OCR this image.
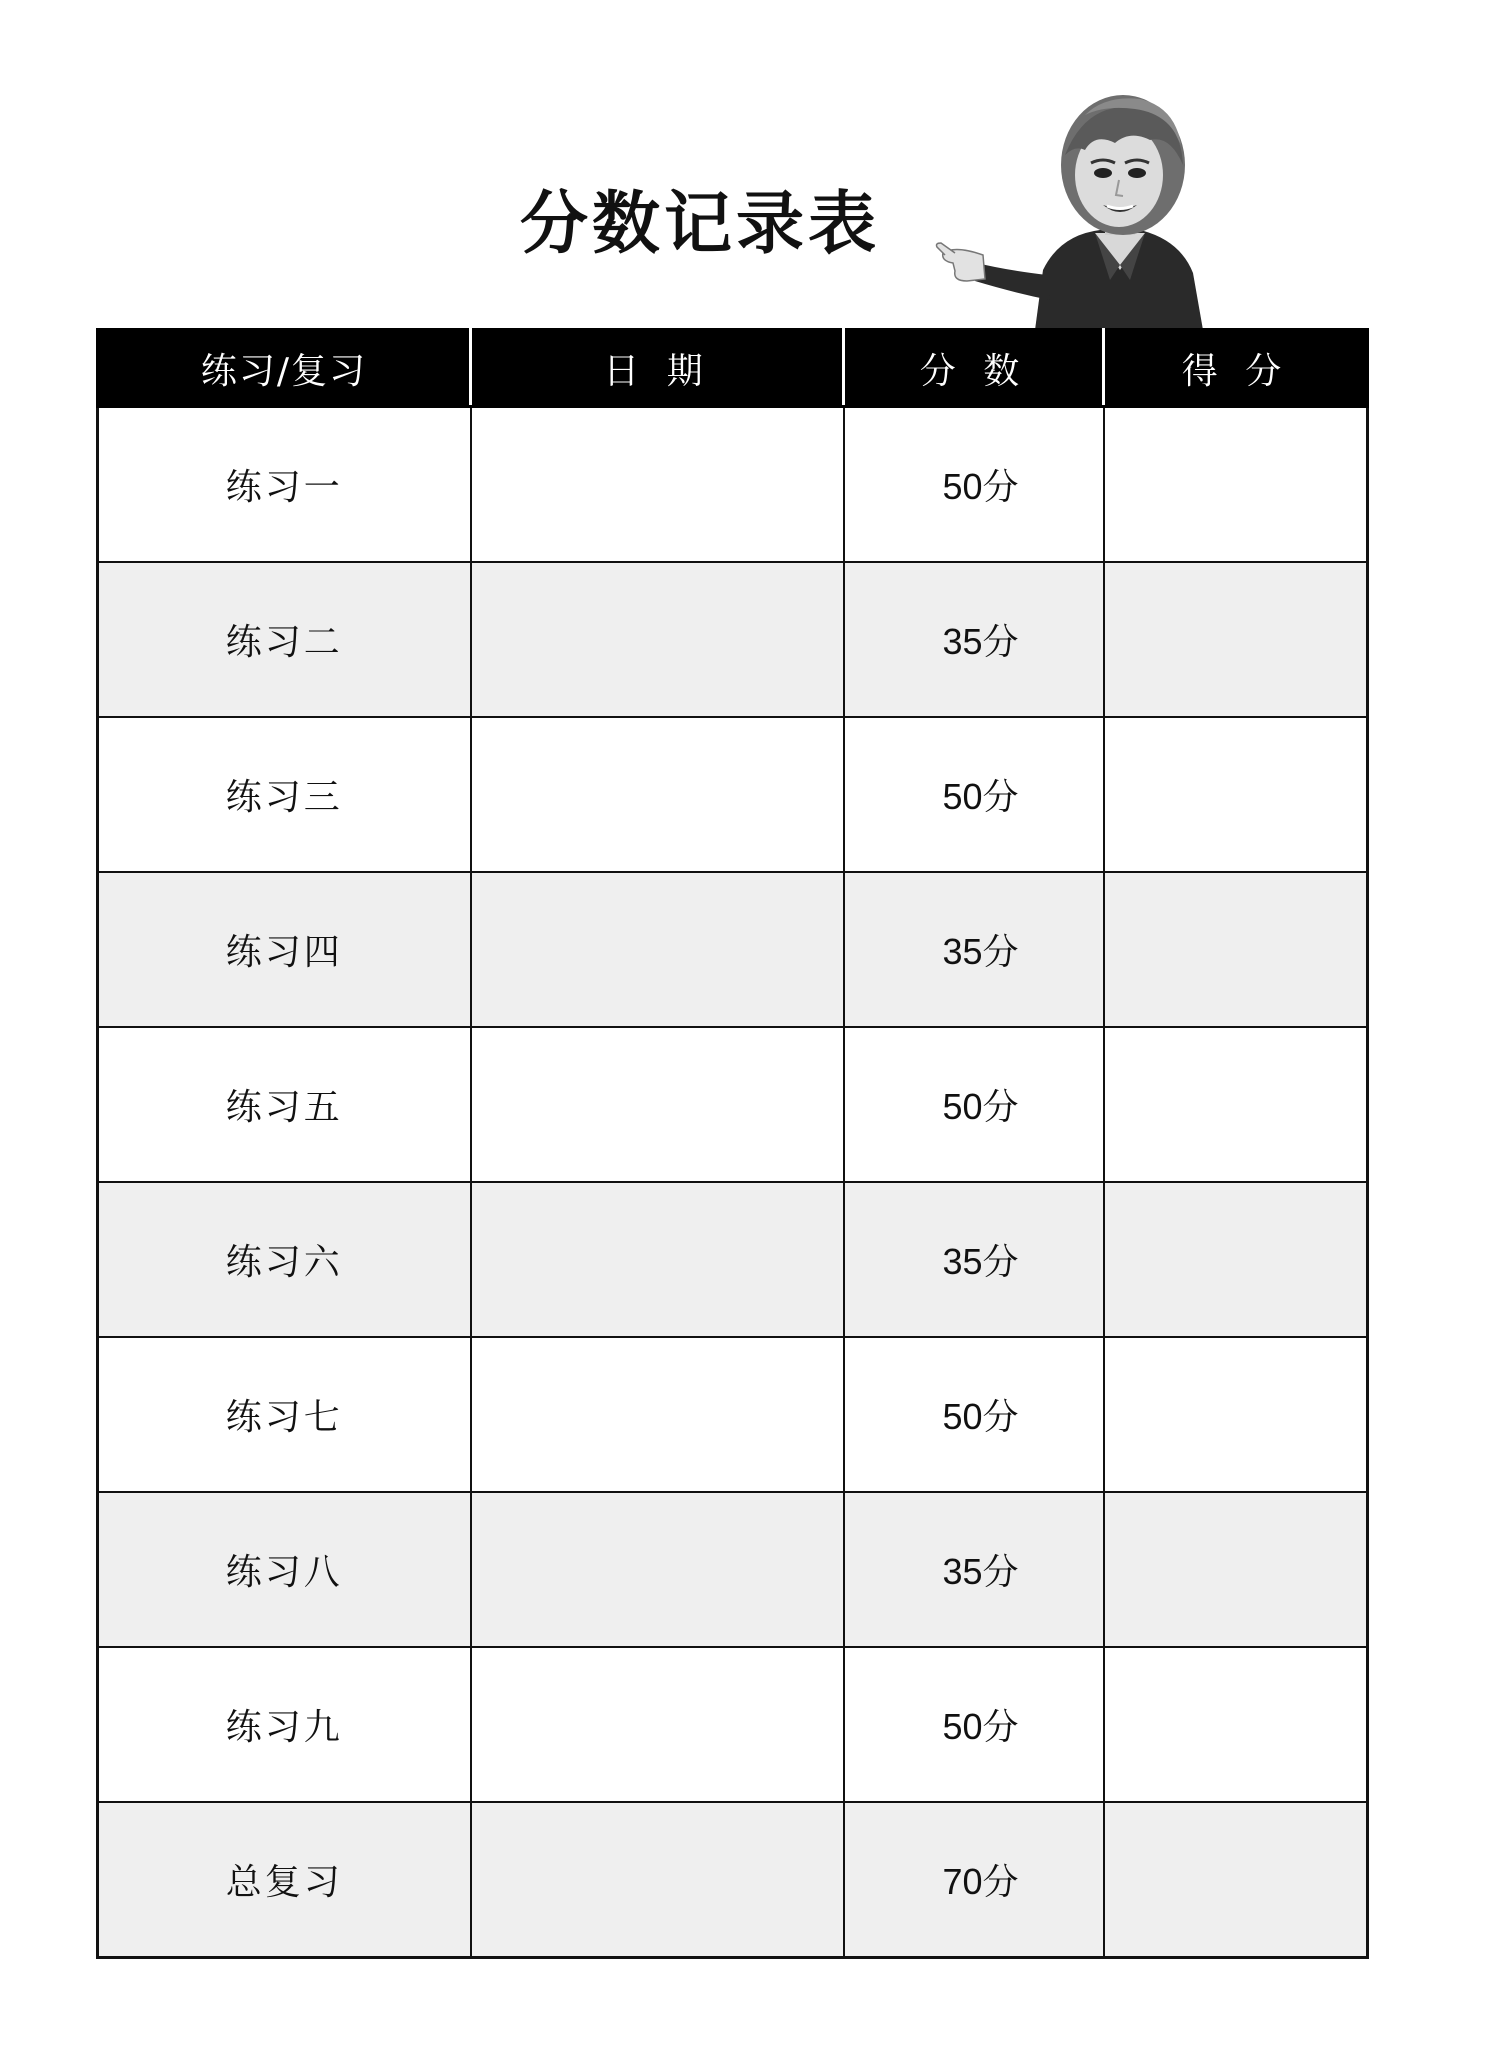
分数记录表
练习/复习	日 期	分 数	得 分
练习一		50分	
练习二		35分	
练习三		50分	
练习四		35分	
练习五		50分	
练习六		35分	
练习七		50分	
练习八		35分	
练习九		50分	
总复习		70分	
